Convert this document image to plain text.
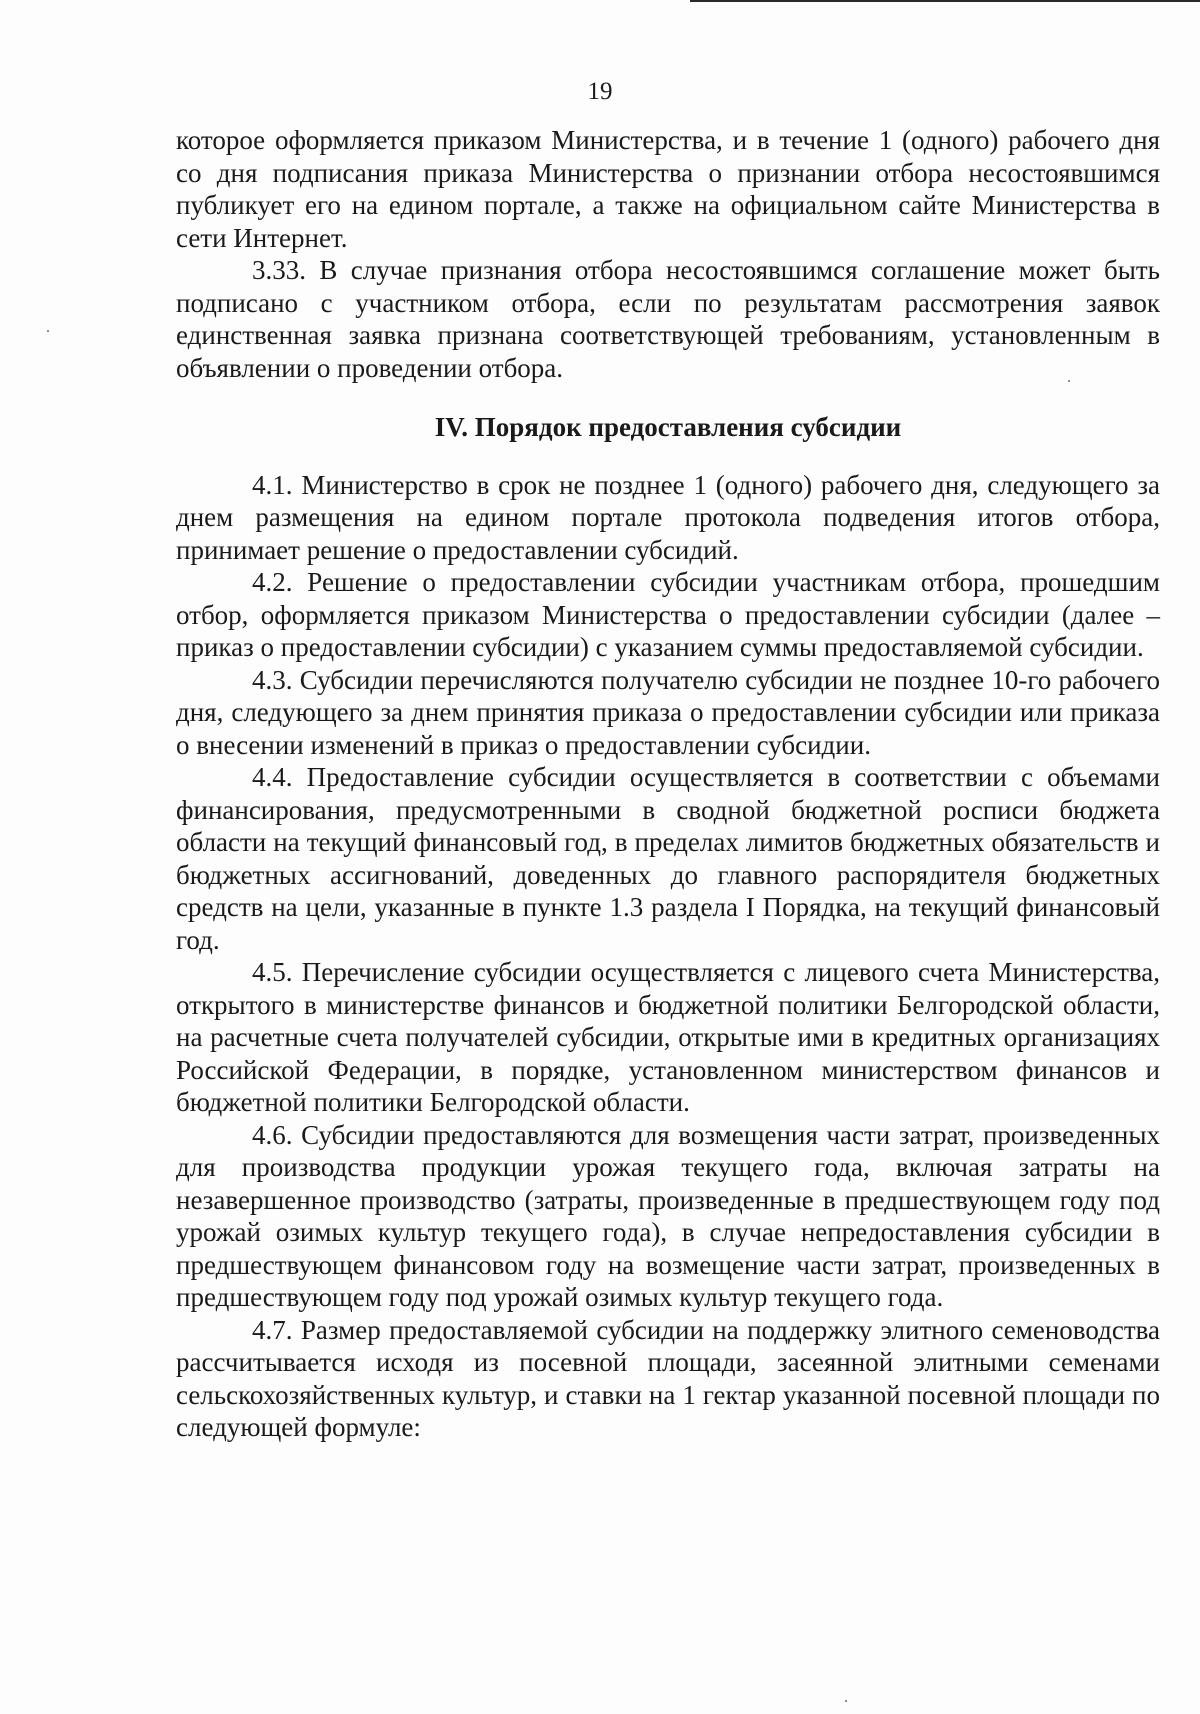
19

которое оформляется приказом Министерства, и в течение 1 (одного) рабочего дня со дня подписания приказа Министерства о признании отбора несостоявшимся публикует его на едином портале, а также на официальном сайте Министерства в сети Интернет.

3.33. В случае признания отбора несостоявшимся соглашение может быть подписано с участником отбора, если по результатам рассмотрения заявок единственная заявка признана соответствующей требованиям, установленным в объявлении о проведении отбора.

IV. Порядок предоставления субсидии

4.1. Министерство в срок не позднее 1 (одного) рабочего дня, следующего за днем размещения на едином портале протокола подведения итогов отбора, принимает решение о предоставлении субсидий.

4.2. Решение о предоставлении субсидии участникам отбора, прошедшим отбор, оформляется приказом Министерства о предоставлении субсидии (далее – приказ о предоставлении субсидии) с указанием суммы предоставляемой субсидии.

4.3. Субсидии перечисляются получателю субсидии не позднее 10-го рабочего дня, следующего за днем принятия приказа о предоставлении субсидии или приказа о внесении изменений в приказ о предоставлении субсидии.

4.4. Предоставление субсидии осуществляется в соответствии с объемами финансирования, предусмотренными в сводной бюджетной росписи бюджета области на текущий финансовый год, в пределах лимитов бюджетных обязательств и бюджетных ассигнований, доведенных до главного распорядителя бюджетных средств на цели, указанные в пункте 1.3 раздела I Порядка, на текущий финансовый год.

4.5. Перечисление субсидии осуществляется с лицевого счета Министерства, открытого в министерстве финансов и бюджетной политики Белгородской области, на расчетные счета получателей субсидии, открытые ими в кредитных организациях Российской Федерации, в порядке, установленном министерством финансов и бюджетной политики Белгородской области.

4.6. Субсидии предоставляются для возмещения части затрат, произведенных для производства продукции урожая текущего года, включая затраты на незавершенное производство (затраты, произведенные в предшествующем году под урожай озимых культур текущего года), в случае непредоставления субсидии в предшествующем финансовом году на возмещение части затрат, произведенных в предшествующем году под урожай озимых культур текущего года.

4.7. Размер предоставляемой субсидии на поддержку элитного семеноводства рассчитывается исходя из посевной площади, засеянной элитными семенами сельскохозяйственных культур, и ставки на 1 гектар указанной посевной площади по следующей формуле:
